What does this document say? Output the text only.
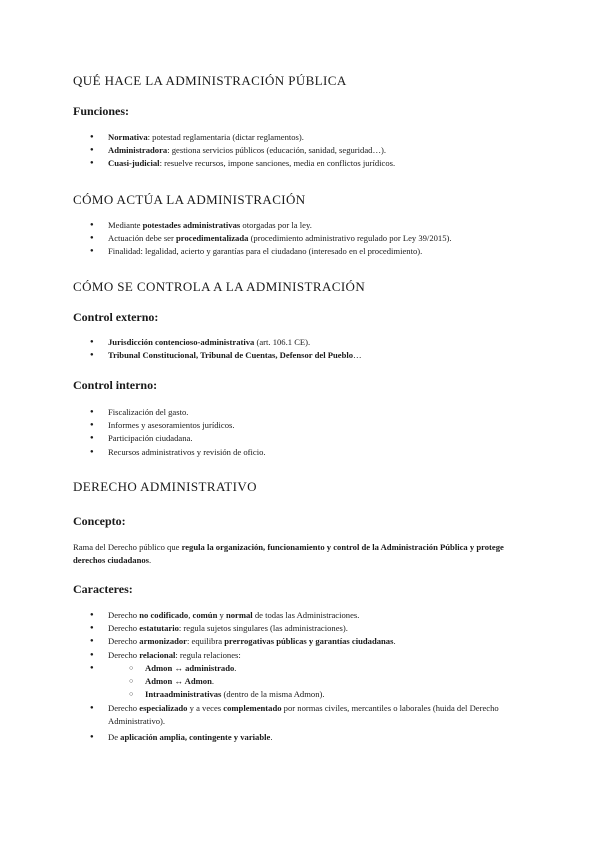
QUÉ HACE LA ADMINISTRACIÓN PÚBLICA
Funciones:
● Normativa: potestad reglamentaria (dictar reglamentos).
● Administradora: gestiona servicios públicos (educación, sanidad, seguridad…).
● Cuasi-judicial: resuelve recursos, impone sanciones, media en conflictos jurídicos.
CÓMO ACTÚA LA ADMINISTRACIÓN
● Mediante potestades administrativas otorgadas por la ley.
● Actuación debe ser procedimentalizada (procedimiento administrativo regulado por Ley 39/2015).
● Finalidad: legalidad, acierto y garantías para el ciudadano (interesado en el procedimiento).
CÓMO SE CONTROLA A LA ADMINISTRACIÓN
Control externo:
● Jurisdicción contencioso-administrativa (art. 106.1 CE).
● Tribunal Constitucional, Tribunal de Cuentas, Defensor del Pueblo…
Control interno:
● Fiscalización del gasto.
● Informes y asesoramientos jurídicos.
● Participación ciudadana.
● Recursos administrativos y revisión de oficio.
DERECHO ADMINISTRATIVO
Concepto:

Rama del Derecho público que regula la organización, funcionamiento y control de la Administración Pública y protege derechos ciudadanos.

Caracteres:
● Derecho no codificado, común y normal de todas las Administraciones.
● Derecho estatutario: regula sujetos singulares (las administraciones).
● Derecho armonizador: equilibra prerrogativas públicas y garantías ciudadanas.
● Derecho relacional: regula relaciones:
○ ● Admon ↔ administrado.
○ Admon ↔ Admon.
○ Intraadministrativas (dentro de la misma Admon).
● Derecho especializado y a veces complementado por normas civiles, mercantiles o laborales (huida del Derecho Administrativo).
● De aplicación amplia, contingente y variable.
